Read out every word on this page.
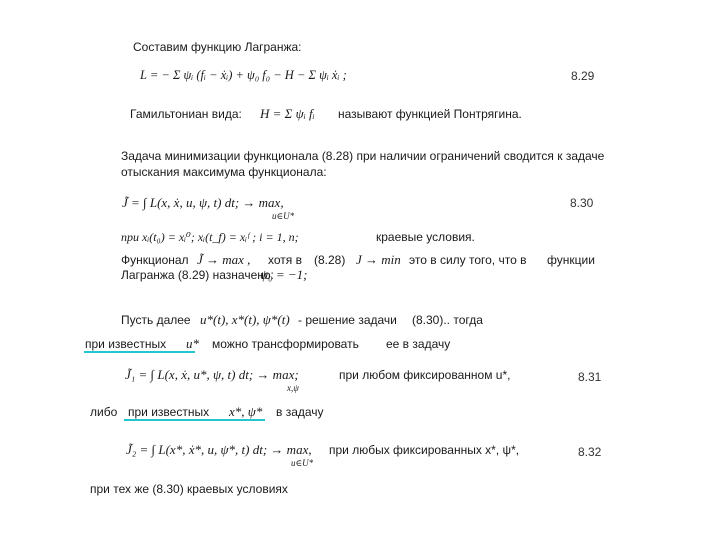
Составим функцию Лагранжа:
L = − Σ ψᵢ (fᵢ − ẋᵢ) + ψ₀ f₀ − H − Σ ψᵢ ẋᵢ ;	8.29
Гамильтониан вида: H = Σ ψᵢ fᵢ называют функцией Понтрягина.
Задача минимизации функционала (8.28) при наличии ограничений сводится к задаче
отыскания максимума функционала:
J̃ = ∫ L(x, ẋ, u, ψ, t) dt; → max,
u∈U*
8.30
при xᵢ(t₀) = xᵢ⁰; xᵢ(t_f) = xᵢᶠ ; i = 1, n;	краевые условия.
Функционал J̃ → max , хотя в (8.28) J → min это в силу того, что в функции
Лагранжа (8.29) назначено:
ψ₀ = −1;
Пусть далее u*(t), x*(t), ψ*(t) - решение задачи (8.30).. тогда
при известных u* можно трансформировать ее в задачу
J̃₁ = ∫ L(x, ẋ, u*, ψ, t) dt; → max;
x,ψ
при любом фиксированном u*,	8.31
либо при известных x*, ψ* в задачу
J̃₂ = ∫ L(x*, ẋ*, u, ψ*, t) dt; → max,
u∈U*
при любых фиксированных x*, ψ*,	8.32
при тех же (8.30) краевых условиях
